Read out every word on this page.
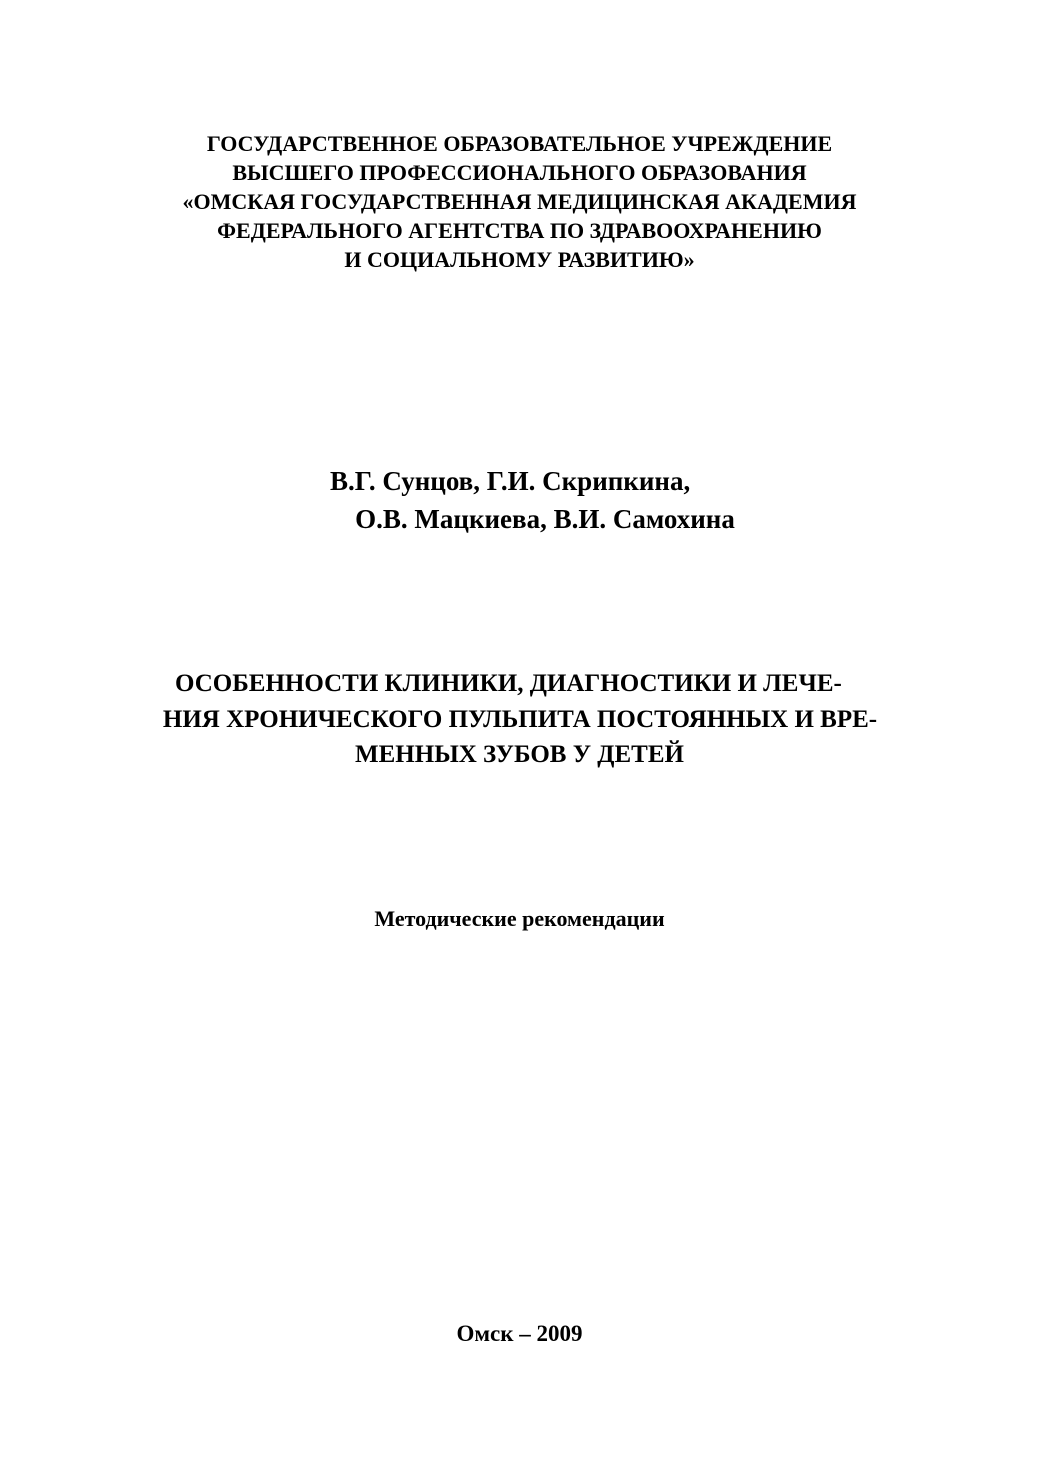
ГОСУДАРСТВЕННОЕ ОБРАЗОВАТЕЛЬНОЕ УЧРЕЖДЕНИЕ
ВЫСШЕГО ПРОФЕССИОНАЛЬНОГО ОБРАЗОВАНИЯ
«ОМСКАЯ ГОСУДАРСТВЕННАЯ МЕДИЦИНСКАЯ АКАДЕМИЯ
ФЕДЕРАЛЬНОГО АГЕНТСТВА ПО ЗДРАВООХРАНЕНИЮ
И СОЦИАЛЬНОМУ РАЗВИТИЮ»
В.Г. Сунцов, Г.И. Скрипкина,
О.В. Мацкиева, В.И. Самохина
ОСОБЕННОСТИ КЛИНИКИ, ДИАГНОСТИКИ И ЛЕЧЕ-
НИЯ ХРОНИЧЕСКОГО ПУЛЬПИТА ПОСТОЯННЫХ И ВРЕ-
МЕННЫХ ЗУБОВ У ДЕТЕЙ
Методические рекомендации
Омск – 2009
